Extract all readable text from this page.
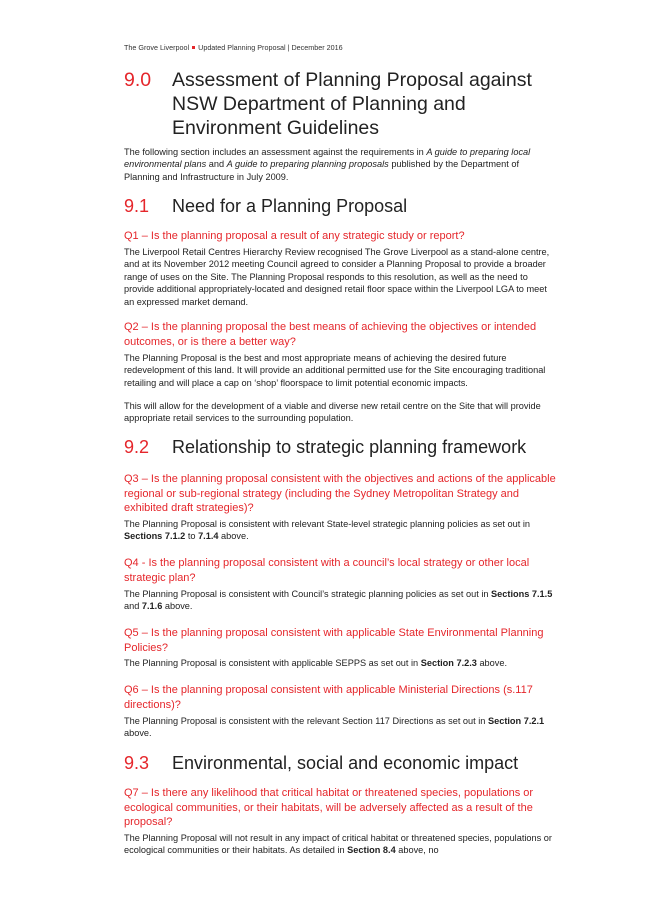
The Grove Liverpool Updated Planning Proposal | December 2016
9.0 Assessment of Planning Proposal against NSW Department of Planning and Environment Guidelines

The following section includes an assessment against the requirements in A guide to preparing local environmental plans and A guide to preparing planning proposals published by the Department of Planning and Infrastructure in July 2009.

9.1 Need for a Planning Proposal

Q1 – Is the planning proposal a result of any strategic study or report?

The Liverpool Retail Centres Hierarchy Review recognised The Grove Liverpool as a stand-alone centre, and at its November 2012 meeting Council agreed to consider a Planning Proposal to provide a broader range of uses on the Site. The Planning Proposal responds to this resolution, as well as the need to provide additional appropriately-located and designed retail floor space within the Liverpool LGA to meet an expressed market demand.

Q2 – Is the planning proposal the best means of achieving the objectives or intended outcomes, or is there a better way?

The Planning Proposal is the best and most appropriate means of achieving the desired future redevelopment of this land. It will provide an additional permitted use for the Site encouraging traditional retailing and will place a cap on ‘shop’ floorspace to limit potential economic impacts.

This will allow for the development of a viable and diverse new retail centre on the Site that will provide appropriate retail services to the surrounding population.

9.2 Relationship to strategic planning framework

Q3 – Is the planning proposal consistent with the objectives and actions of the applicable regional or sub-regional strategy (including the Sydney Metropolitan Strategy and exhibited draft strategies)?

The Planning Proposal is consistent with relevant State-level strategic planning policies as set out in Sections 7.1.2 to 7.1.4 above.

Q4 - Is the planning proposal consistent with a council’s local strategy or other local strategic plan?

The Planning Proposal is consistent with Council’s strategic planning policies as set out in Sections 7.1.5 and 7.1.6 above.

Q5 – Is the planning proposal consistent with applicable State Environmental Planning Policies?

The Planning Proposal is consistent with applicable SEPPS as set out in Section 7.2.3 above.

Q6 – Is the planning proposal consistent with applicable Ministerial Directions (s.117 directions)?

The Planning Proposal is consistent with the relevant Section 117 Directions as set out in Section 7.2.1 above.

9.3 Environmental, social and economic impact

Q7 – Is there any likelihood that critical habitat or threatened species, populations or ecological communities, or their habitats, will be adversely affected as a result of the proposal?

The Planning Proposal will not result in any impact of critical habitat or threatened species, populations or ecological communities or their habitats. As detailed in Section 8.4 above, no
